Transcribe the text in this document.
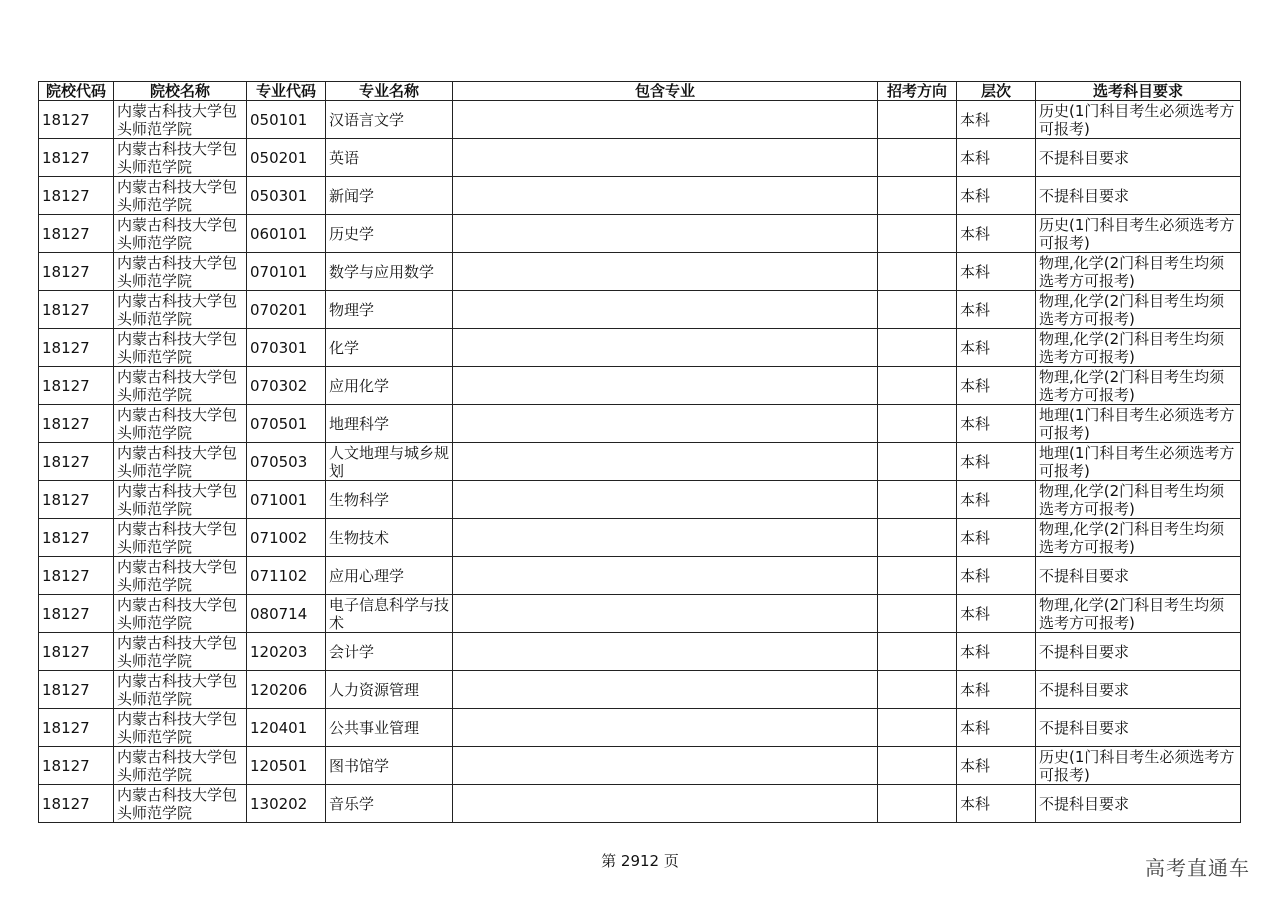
院校代码	院校名称	专业代码	专业名称	包含专业	招考方向	层次	选考科目要求
18127	内蒙古科技大学包头师范学院	050101	汉语言文学			本科	历史(1门科目考生必须选考方可报考)
18127	内蒙古科技大学包头师范学院	050201	英语			本科	不提科目要求
18127	内蒙古科技大学包头师范学院	050301	新闻学			本科	不提科目要求
18127	内蒙古科技大学包头师范学院	060101	历史学			本科	历史(1门科目考生必须选考方可报考)
18127	内蒙古科技大学包头师范学院	070101	数学与应用数学			本科	物理,化学(2门科目考生均须选考方可报考)
18127	内蒙古科技大学包头师范学院	070201	物理学			本科	物理,化学(2门科目考生均须选考方可报考)
18127	内蒙古科技大学包头师范学院	070301	化学			本科	物理,化学(2门科目考生均须选考方可报考)
18127	内蒙古科技大学包头师范学院	070302	应用化学			本科	物理,化学(2门科目考生均须选考方可报考)
18127	内蒙古科技大学包头师范学院	070501	地理科学			本科	地理(1门科目考生必须选考方可报考)
18127	内蒙古科技大学包头师范学院	070503	人文地理与城乡规划			本科	地理(1门科目考生必须选考方可报考)
18127	内蒙古科技大学包头师范学院	071001	生物科学			本科	物理,化学(2门科目考生均须选考方可报考)
18127	内蒙古科技大学包头师范学院	071002	生物技术			本科	物理,化学(2门科目考生均须选考方可报考)
18127	内蒙古科技大学包头师范学院	071102	应用心理学			本科	不提科目要求
18127	内蒙古科技大学包头师范学院	080714	电子信息科学与技术			本科	物理,化学(2门科目考生均须选考方可报考)
18127	内蒙古科技大学包头师范学院	120203	会计学			本科	不提科目要求
18127	内蒙古科技大学包头师范学院	120206	人力资源管理			本科	不提科目要求
18127	内蒙古科技大学包头师范学院	120401	公共事业管理			本科	不提科目要求
18127	内蒙古科技大学包头师范学院	120501	图书馆学			本科	历史(1门科目考生必须选考方可报考)
18127	内蒙古科技大学包头师范学院	130202	音乐学			本科	不提科目要求
第 2912 页	高考直通车
